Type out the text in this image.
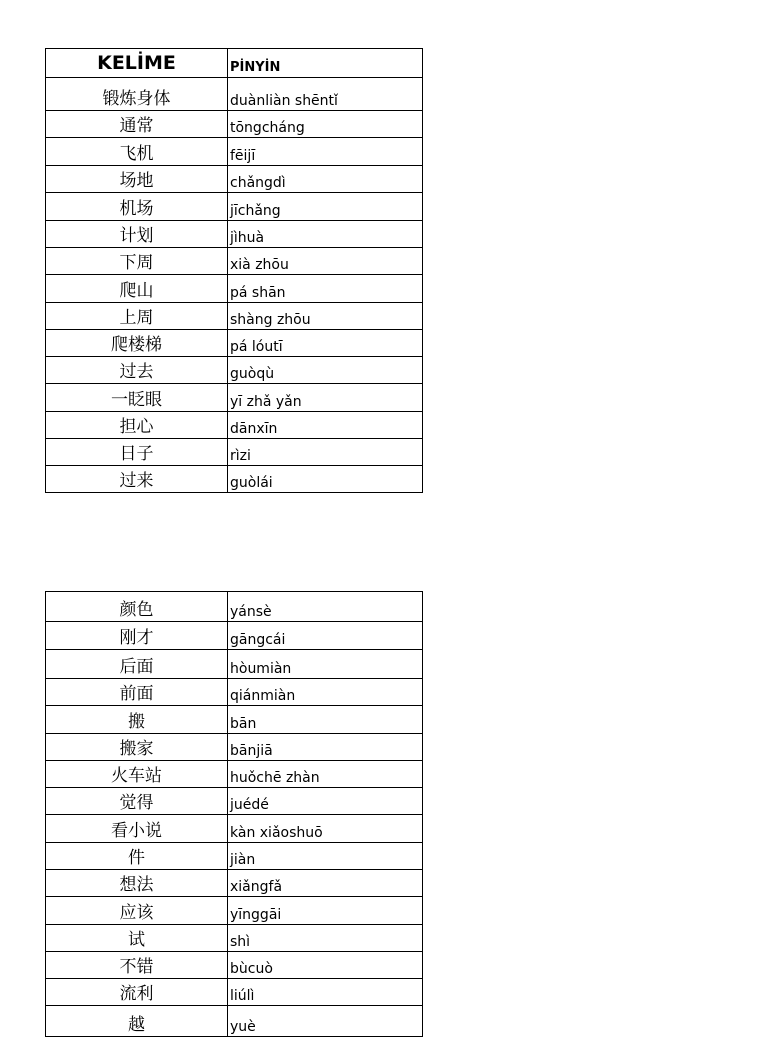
KELİME	PİNYİN
锻炼身体	duànliàn shēntǐ
通常	tōngcháng
飞机	fēijī
场地	chǎngdì
机场	jīchǎng
计划	jìhuà
下周	xià zhōu
爬山	pá shān
上周	shàng zhōu
爬楼梯	pá lóutī
过去	guòqù
一眨眼	yī zhǎ yǎn
担心	dānxīn
日子	rìzi
过来	guòlái
颜色	yánsè
刚才	gāngcái
后面	hòumiàn
前面	qiánmiàn
搬	bān
搬家	bānjiā
火车站	huǒchē zhàn
觉得	juédé
看小说	kàn xiǎoshuō
件	jiàn
想法	xiǎngfǎ
应该	yīnggāi
试	shì
不错	bùcuò
流利	liúlì
越	yuè
